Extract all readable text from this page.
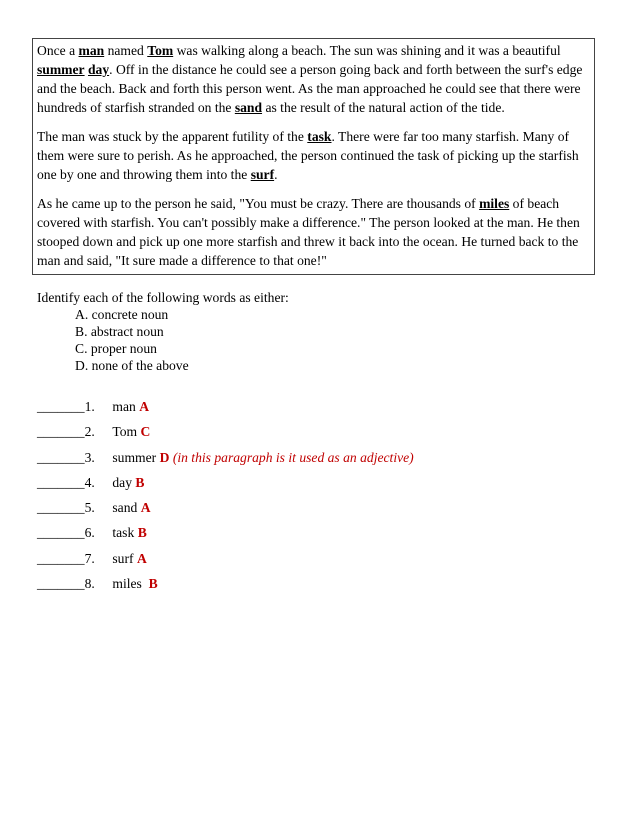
Once a man named Tom was walking along a beach. The sun was shining and it was a beautiful summer day. Off in the distance he could see a person going back and forth between the surf's edge and the beach. Back and forth this person went. As the man approached he could see that there were hundreds of starfish stranded on the sand as the result of the natural action of the tide.

The man was stuck by the apparent futility of the task. There were far too many starfish. Many of them were sure to perish. As he approached, the person continued the task of picking up the starfish one by one and throwing them into the surf.

As he came up to the person he said, "You must be crazy. There are thousands of miles of beach covered with starfish. You can't possibly make a difference." The person looked at the man. He then stooped down and pick up one more starfish and threw it back into the ocean. He turned back to the man and said, "It sure made a difference to that one!"

Identify each of the following words as either:
A. concrete noun
B. abstract noun
C. proper noun
D. none of the above
_______1. man A
_______2. Tom C
_______3. summer D (in this paragraph is it used as an adjective)
_______4. day B
_______5. sand A
_______6. task B
_______7. surf A
_______8. miles B
